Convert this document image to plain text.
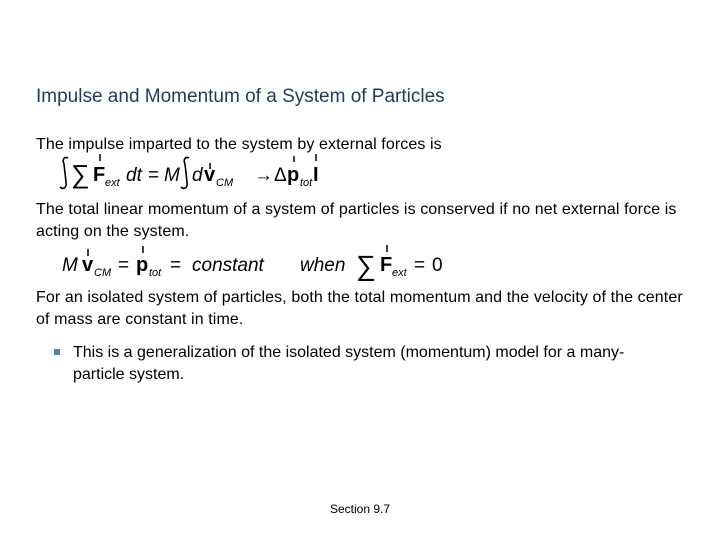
Impulse and Momentum of a System of Particles
The impulse imparted to the system by external forces is
∑ F ext dt = M d v CM → Δ p tot I
The total linear momentum of a system of particles is conserved if no net external force is acting on the system.
M v CM = p tot = constant when ∑ F ext = 0
For an isolated system of particles, both the total momentum and the velocity of the center of mass are constant in time.
This is a generalization of the isolated system (momentum) model for a many-particle system.
Section 9.7
